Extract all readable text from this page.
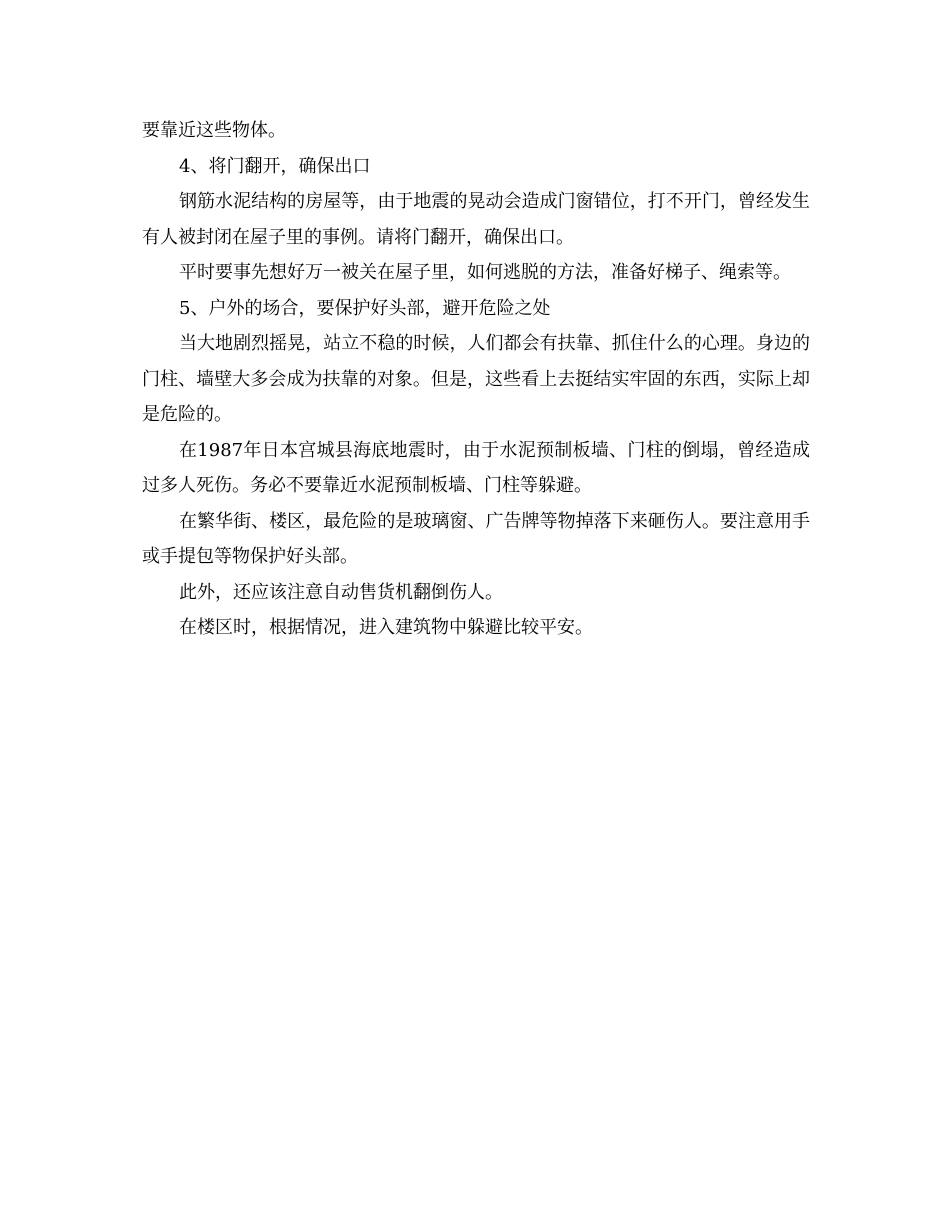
要靠近这些物体。

4、将门翻开，确保出口

钢筋水泥结构的房屋等，由于地震的晃动会造成门窗错位，打不开门，曾经发生有人被封闭在屋子里的事例。请将门翻开，确保出口。

平时要事先想好万一被关在屋子里，如何逃脱的方法，准备好梯子、绳索等。

5、户外的场合，要保护好头部，避开危险之处

当大地剧烈摇晃，站立不稳的时候，人们都会有扶靠、抓住什么的心理。身边的门柱、墙壁大多会成为扶靠的对象。但是，这些看上去挺结实牢固的东西，实际上却是危险的。

在1987年日本宫城县海底地震时，由于水泥预制板墙、门柱的倒塌，曾经造成过多人死伤。务必不要靠近水泥预制板墙、门柱等躲避。

在繁华街、楼区，最危险的是玻璃窗、广告牌等物掉落下来砸伤人。要注意用手或手提包等物保护好头部。

此外，还应该注意自动售货机翻倒伤人。

在楼区时，根据情况，进入建筑物中躲避比较平安。
